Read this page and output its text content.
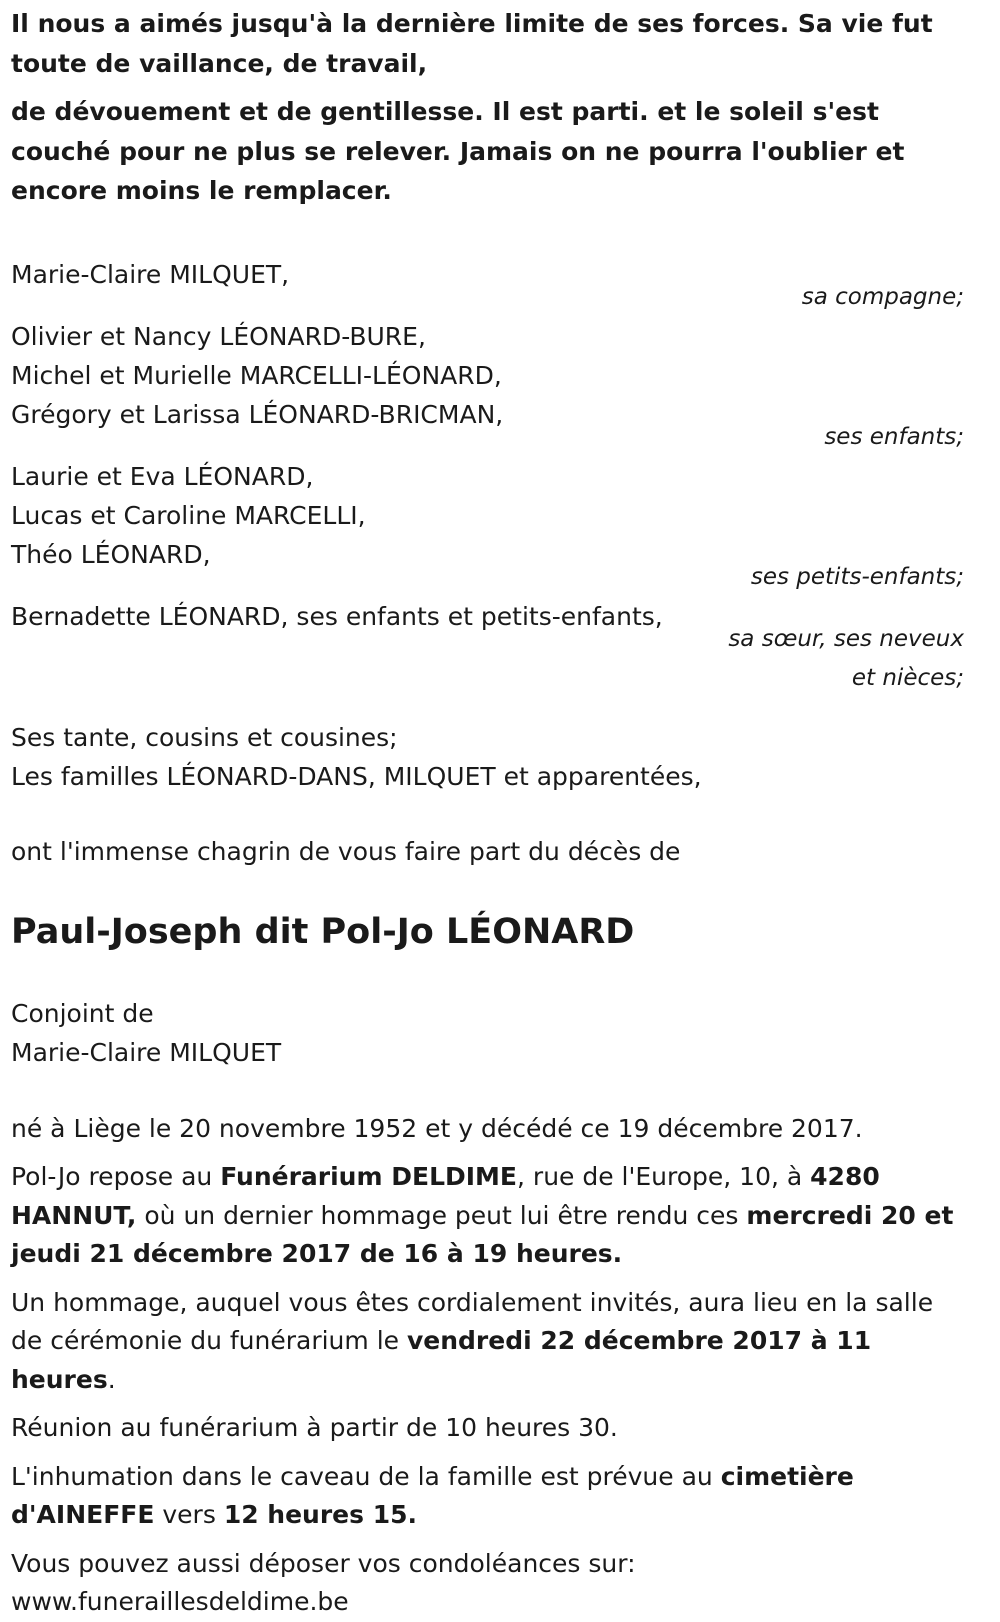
Il nous a aimés jusqu'à la dernière limite de ses forces. Sa vie fut toute de vaillance, de travail,

de dévouement et de gentillesse. Il est parti. et le soleil s'est couché pour ne plus se relever. Jamais on ne pourra l'oublier et encore moins le remplacer.

Marie-Claire MILQUET,

sa compagne;

Olivier et Nancy LÉONARD-BURE,

Michel et Murielle MARCELLI-LÉONARD,

Grégory et Larissa LÉONARD-BRICMAN,

ses enfants;

Laurie et Eva LÉONARD,

Lucas et Caroline MARCELLI,

Théo LÉONARD,

ses petits-enfants;

Bernadette LÉONARD, ses enfants et petits-enfants,

sa sœur, ses neveux

et nièces;

Ses tante, cousins et cousines;

Les familles LÉONARD-DANS, MILQUET et apparentées,

ont l'immense chagrin de vous faire part du décès de

Paul-Joseph dit Pol-Jo LÉONARD

Conjoint de

Marie-Claire MILQUET

né à Liège le 20 novembre 1952 et y décédé ce 19 décembre 2017.

Pol-Jo repose au Funérarium DELDIME, rue de l'Europe, 10, à 4280 HANNUT, où un dernier hommage peut lui être rendu ces mercredi 20 et jeudi 21 décembre 2017 de 16 à 19 heures.

Un hommage, auquel vous êtes cordialement invités, aura lieu en la salle de cérémonie du funérarium le vendredi 22 décembre 2017 à 11 heures.

Réunion au funérarium à partir de 10 heures 30.

L'inhumation dans le caveau de la famille est prévue au cimetière d'AINEFFE vers 12 heures 15.

Vous pouvez aussi déposer vos condoléances sur:

www.funeraillesdeldime.be
